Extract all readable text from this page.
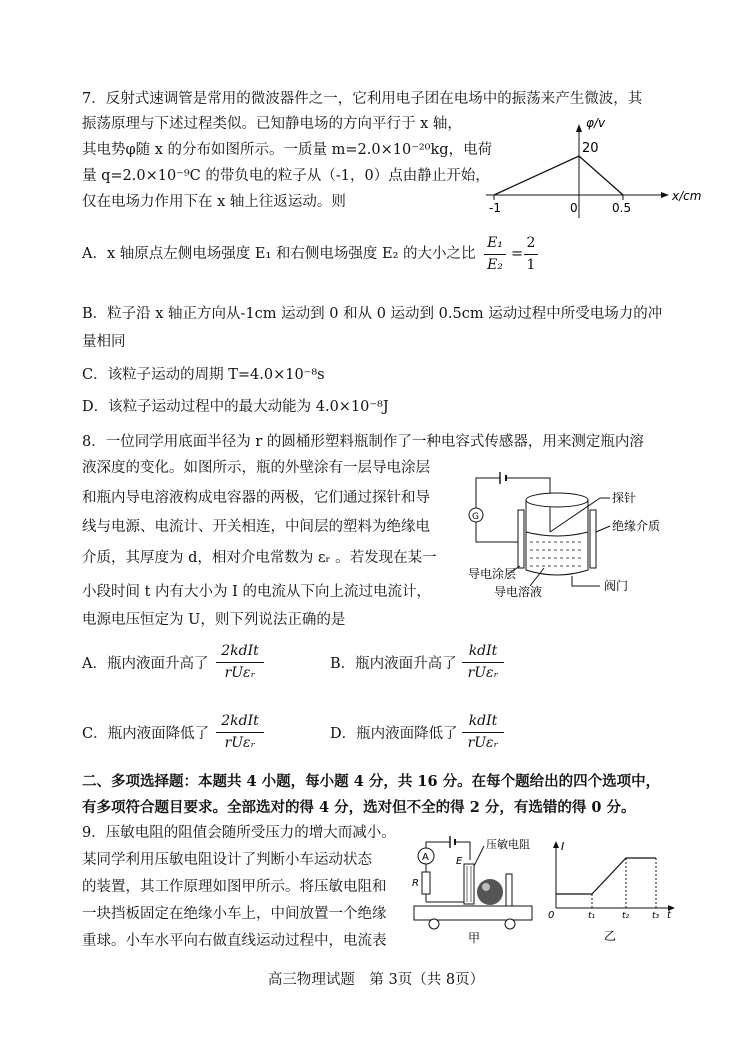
7．反射式速调管是常用的微波器件之一，它利用电子团在电场中的振荡来产生微波，其
振荡原理与下述过程类似。已知静电场的方向平行于 x 轴，
其电势φ随 x 的分布如图所示。一质量 m=2.0×10⁻²⁰kg，电荷
量 q=2.0×10⁻⁹C 的带负电的粒子从（-1，0）点由静止开始，
仅在电场力作用下在 x 轴上往返运动。则
φ/v
x/cm
20
-1	0	0.5
A．x 轴原点左侧电场强度 E₁ 和右侧电场强度 E₂ 的大小之比
E₁
E₂
=
2
1
B．粒子沿 x 轴正方向从-1cm 运动到 0 和从 0 运动到 0.5cm 运动过程中所受电场力的冲
量相同
C．该粒子运动的周期 T=4.0×10⁻⁸s
D．该粒子运动过程中的最大动能为 4.0×10⁻⁸J
8．一位同学用底面半径为 r 的圆桶形塑料瓶制作了一种电容式传感器，用来测定瓶内溶
液深度的变化。如图所示，瓶的外壁涂有一层导电涂层
和瓶内导电溶液构成电容器的两极，它们通过探针和导
线与电源、电流计、开关相连，中间层的塑料为绝缘电
介质，其厚度为 d，相对介电常数为 εᵣ 。若发现在某一
小段时间 t 内有大小为 I 的电流从下向上流过电流计，
电源电压恒定为 U，则下列说法正确的是
G
探针
绝缘介质
导电涂层
阀门
导电溶液
A．瓶内液面升高了
2kdIt
rUεᵣ
B．瓶内液面升高了
kdIt
rUεᵣ
C．瓶内液面降低了
2kdIt
rUεᵣ
D．瓶内液面降低了
kdIt
rUεᵣ
二、多项选择题：本题共 4 小题，每小题 4 分，共 16 分。在每个题给出的四个选项中，
有多项符合题目要求。全部选对的得 4 分，选对但不全的得 2 分，有选错的得 0 分。
9．压敏电阻的阻值会随所受压力的增大而减小。
某同学利用压敏电阻设计了判断小车运动状态
的装置，其工作原理如图甲所示。将压敏电阻和
一块挡板固定在绝缘小车上，中间放置一个绝缘
重球。小车水平向右做直线运动过程中，电流表
A
R
E
压敏电阻
甲
I
0	t₁	t₂	t₃ t
乙
高三物理试题　第 3页（共 8页）
